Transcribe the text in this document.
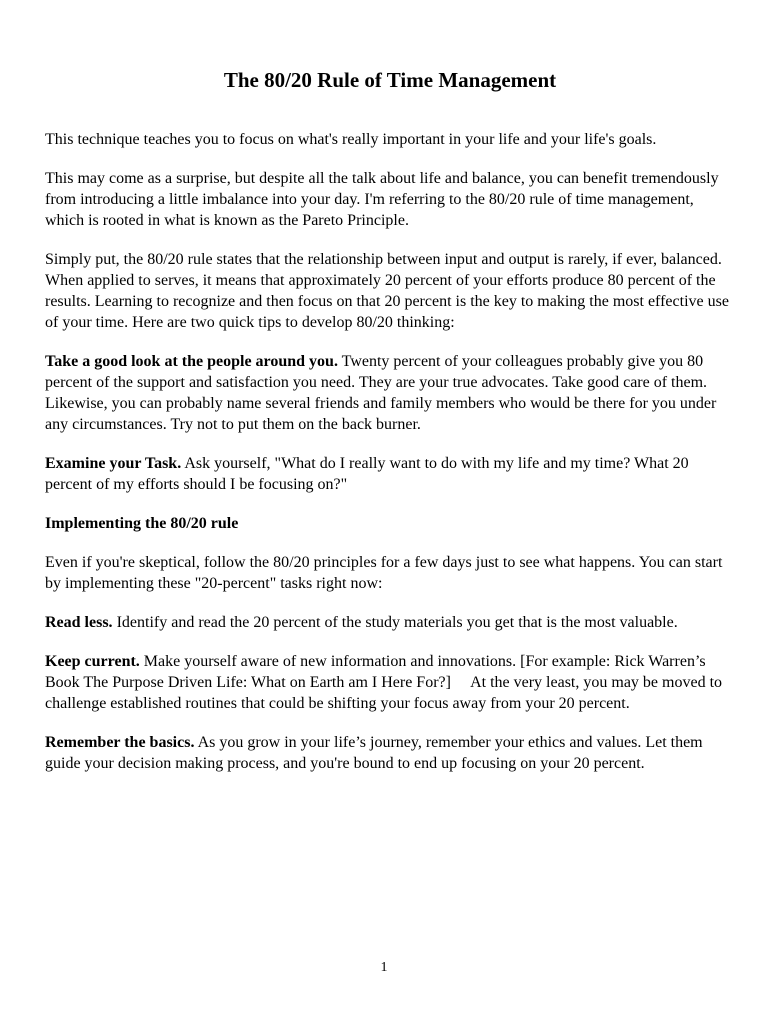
The 80/20 Rule of Time Management

This technique teaches you to focus on what's really important in your life and your life's goals.

This may come as a surprise, but despite all the talk about life and balance, you can benefit tremendously from introducing a little imbalance into your day. I'm referring to the 80/20 rule of time management, which is rooted in what is known as the Pareto Principle.

Simply put, the 80/20 rule states that the relationship between input and output is rarely, if ever, balanced. When applied to serves, it means that approximately 20 percent of your efforts produce 80 percent of the results. Learning to recognize and then focus on that 20 percent is the key to making the most effective use of your time. Here are two quick tips to develop 80/20 thinking:

Take a good look at the people around you. Twenty percent of your colleagues probably give you 80 percent of the support and satisfaction you need. They are your true advocates. Take good care of them. Likewise, you can probably name several friends and family members who would be there for you under any circumstances. Try not to put them on the back burner.

Examine your Task. Ask yourself, "What do I really want to do with my life and my time? What 20 percent of my efforts should I be focusing on?"

Implementing the 80/20 rule

Even if you're skeptical, follow the 80/20 principles for a few days just to see what happens. You can start by implementing these "20-percent" tasks right now:

Read less. Identify and read the 20 percent of the study materials you get that is the most valuable.

Keep current. Make yourself aware of new information and innovations. [For example: Rick Warren’s Book The Purpose Driven Life: What on Earth am I Here For?]     At the very least, you may be moved to challenge established routines that could be shifting your focus away from your 20 percent.

Remember the basics. As you grow in your life’s journey, remember your ethics and values. Let them guide your decision making process, and you're bound to end up focusing on your 20 percent.

1
